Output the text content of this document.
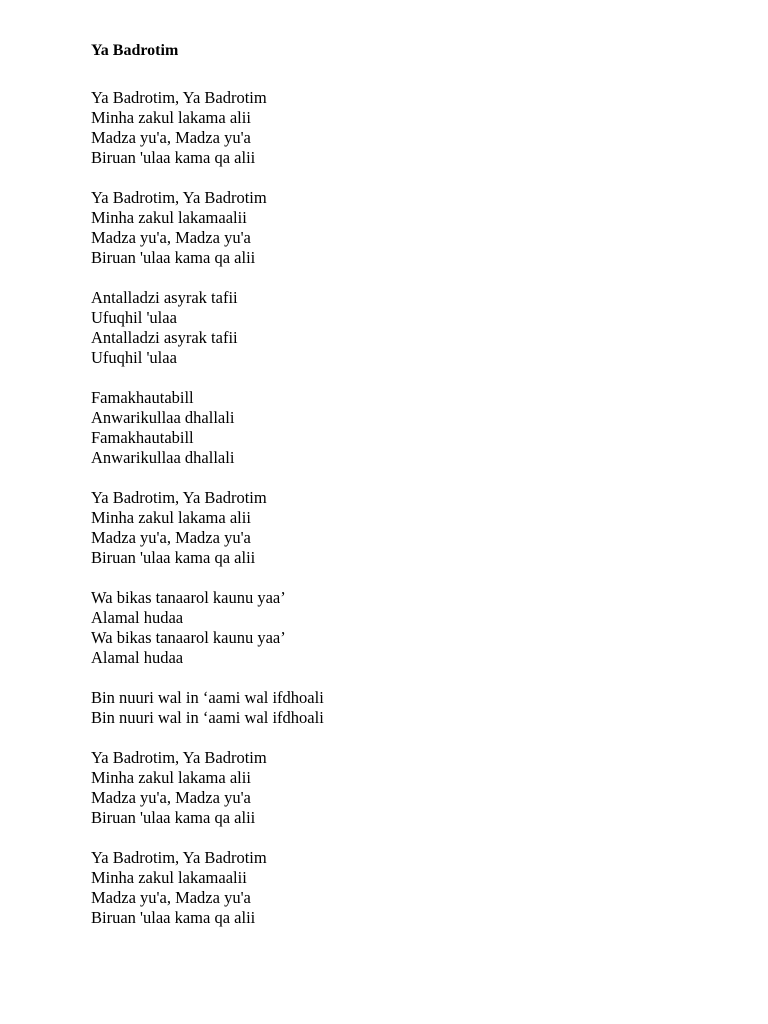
Ya Badrotim
Ya Badrotim, Ya Badrotim
Minha zakul lakama alii
Madza yu'a, Madza yu'a
Biruan 'ulaa kama qa alii
Ya Badrotim, Ya Badrotim
Minha zakul lakamaalii
Madza yu'a, Madza yu'a
Biruan 'ulaa kama qa alii
Antalladzi asyrak tafii
Ufuqhil 'ulaa
Antalladzi asyrak tafii
Ufuqhil 'ulaa
Famakhautabill
Anwarikullaa dhallali
Famakhautabill
Anwarikullaa dhallali
Ya Badrotim, Ya Badrotim
Minha zakul lakama alii
Madza yu'a, Madza yu'a
Biruan 'ulaa kama qa alii
Wa bikas tanaarol kaunu yaa’
Alamal hudaa
Wa bikas tanaarol kaunu yaa’
Alamal hudaa
Bin nuuri wal in ‘aami wal ifdhoali
Bin nuuri wal in ‘aami wal ifdhoali
Ya Badrotim, Ya Badrotim
Minha zakul lakama alii
Madza yu'a, Madza yu'a
Biruan 'ulaa kama qa alii
Ya Badrotim, Ya Badrotim
Minha zakul lakamaalii
Madza yu'a, Madza yu'a
Biruan 'ulaa kama qa alii
